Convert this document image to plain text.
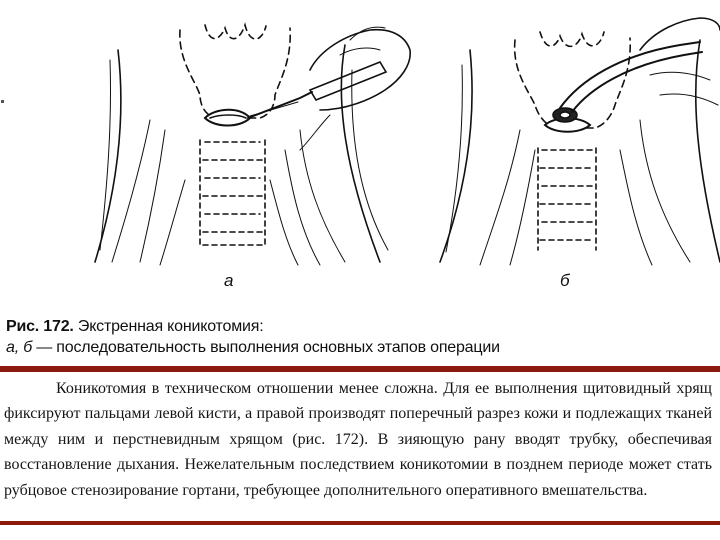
а	б
Рис. 172. Экстренная коникотомия:
а, б — последовательность выполнения основных этапов операции
Коникотомия в техническом отношении менее сложна. Для ее выполнения щитовидный хрящ фиксируют пальцами левой кисти, а правой производят поперечный разрез кожи и подлежащих тканей между ним и перстневидным хрящом (рис. 172). В зияющую рану вводят трубку, обеспечивая восстановление дыхания. Нежелательным последствием коникотомии в позднем периоде может стать рубцовое стенозирование гортани, требующее дополнительного оперативного вмешательства.
